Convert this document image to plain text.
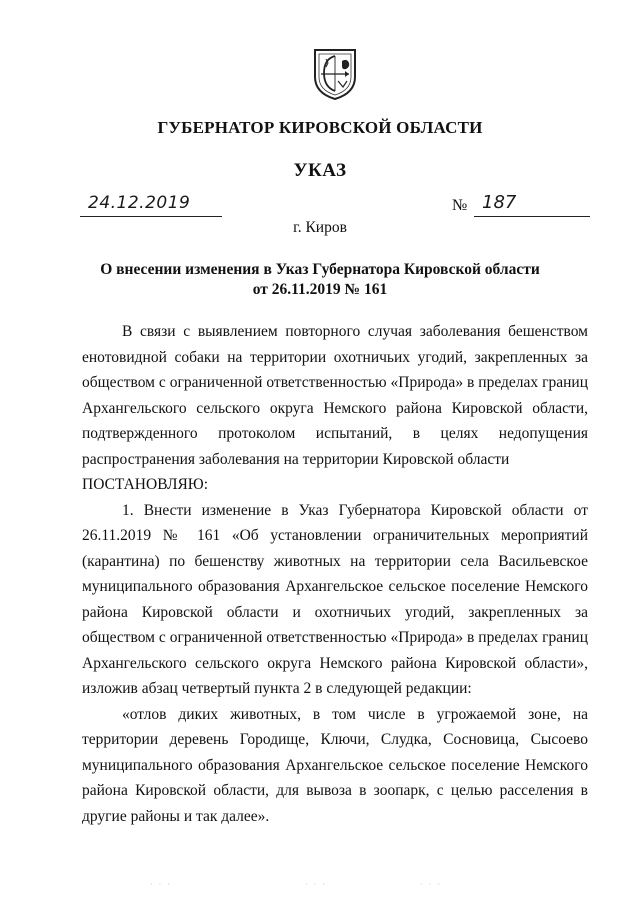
ГУБЕРНАТОР КИРОВСКОЙ ОБЛАСТИ
УКАЗ
24.12.2019	№ 187
г. Киров
О внесении изменения в Указ Губернатора Кировской области
от 26.11.2019 № 161

В связи с выявлением повторного случая заболевания бешенством енотовидной собаки на территории охотничьих угодий, закрепленных за обществом с ограниченной ответственностью «Природа» в пределах границ Архангельского сельского округа Немского района Кировской области, подтвержденного протоколом испытаний, в целях недопущения распространения заболевания на территории Кировской области

ПОСТАНОВЛЯЮ:

1. Внести изменение в Указ Губернатора Кировской области от 26.11.2019 № 161 «Об установлении ограничительных мероприятий (карантина) по бешенству животных на территории села Васильевское муниципального образования Архангельское сельское поселение Немского района Кировской области и охотничьих угодий, закрепленных за обществом с ограниченной ответственностью «Природа» в пределах границ Архангельского сельского округа Немского района Кировской области», изложив абзац четвертый пункта 2 в следующей редакции:

«отлов диких животных, в том числе в угрожаемой зоне, на территории деревень Городище, Ключи, Слудка, Сосновица, Сысоево муниципального образования Архангельское сельское поселение Немского района Кировской области, для вывоза в зоопарк, с целью расселения в другие районы и так далее».

· · ·	· · ·	· · ·
